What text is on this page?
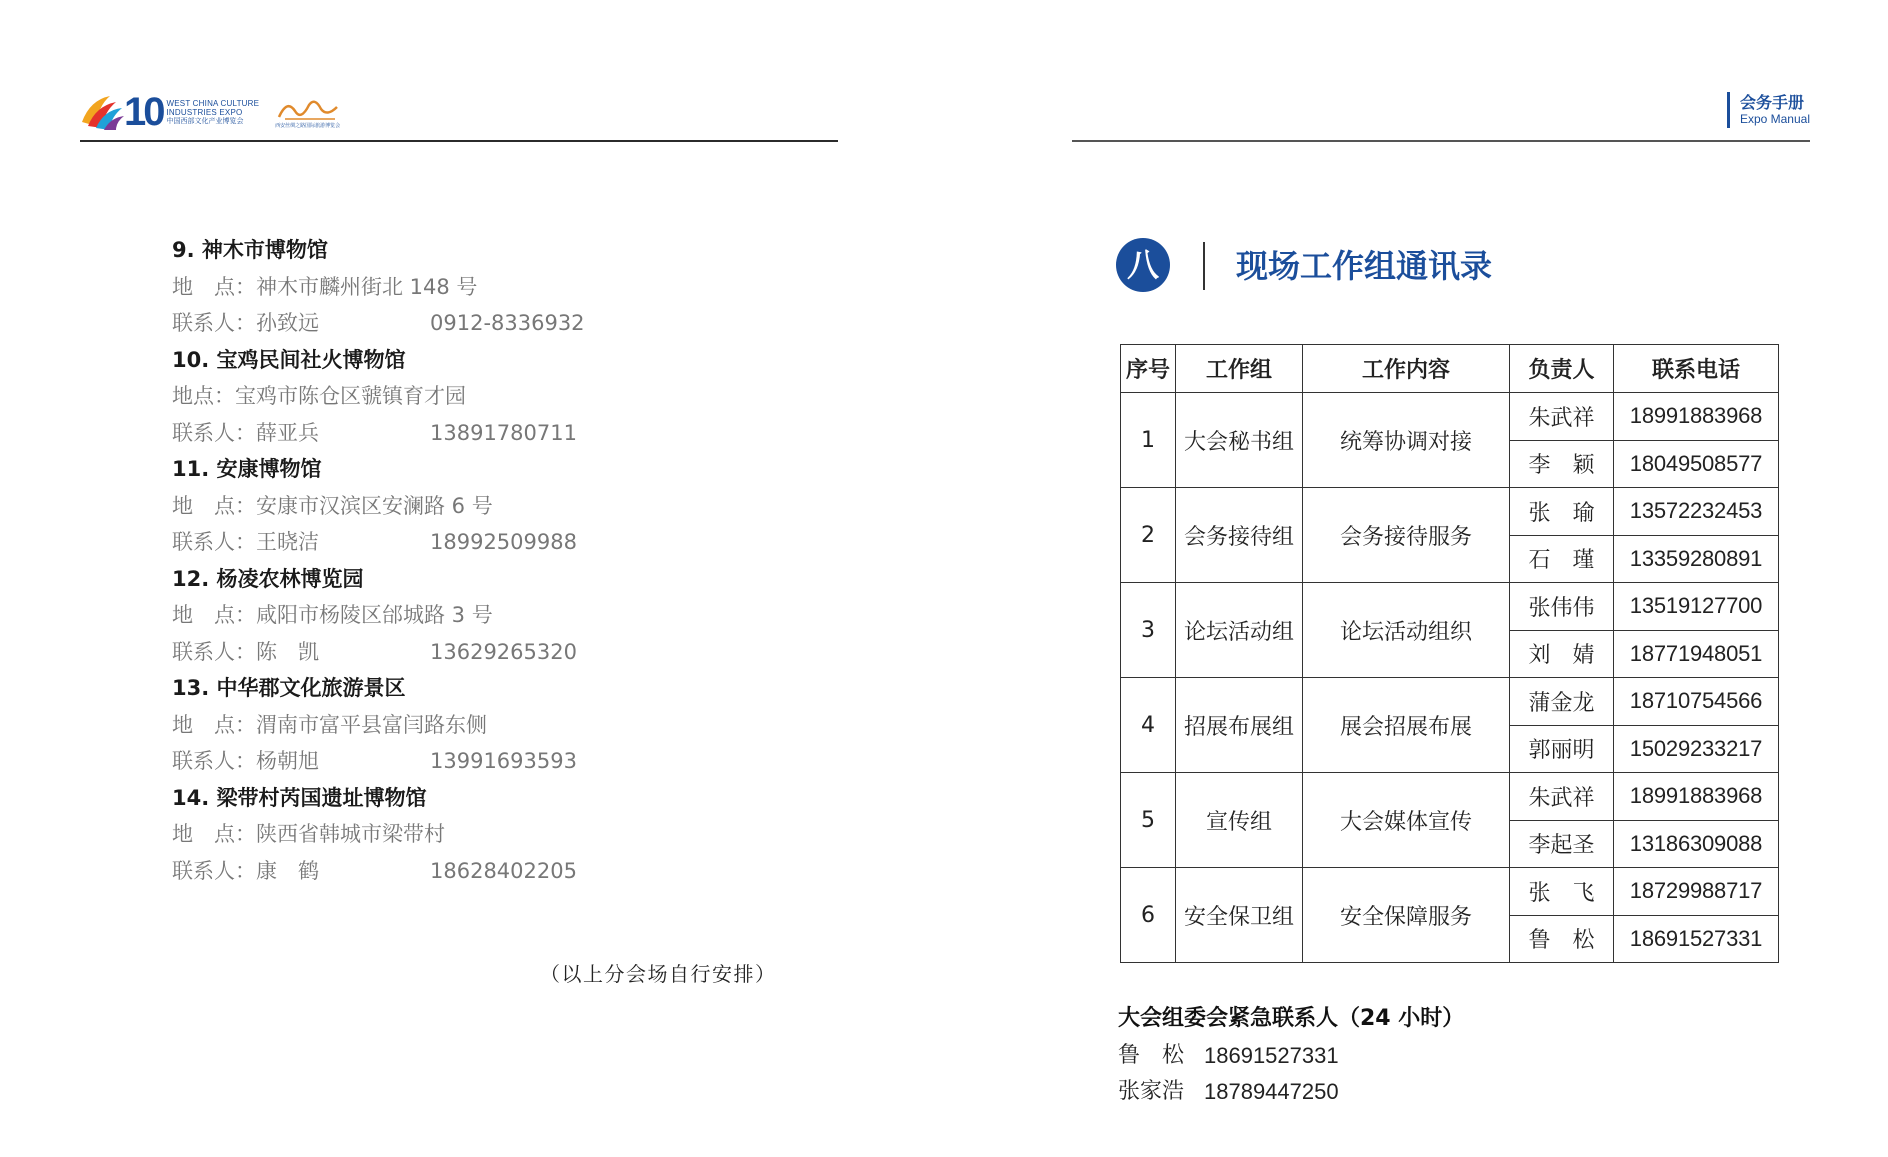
10 WEST CHINA CULTURE
INDUSTRIES EXPO
中国西部文化产业博览会
西安丝绸之路国际旅游博览会
会务手册
Expo Manual
9. 神木市博物馆
地　点：神木市麟州街北 148 号
联系人：孙致远	0912-8336932
10. 宝鸡民间社火博物馆
地点：宝鸡市陈仓区虢镇育才园
联系人：薛亚兵	13891780711
11. 安康博物馆
地　点：安康市汉滨区安澜路 6 号
联系人：王晓洁	18992509988
12. 杨凌农林博览园
地　点：咸阳市杨陵区邰城路 3 号
联系人：陈　凯	13629265320
13. 中华郡文化旅游景区
地　点：渭南市富平县富闫路东侧
联系人：杨朝旭	13991693593
14. 梁带村芮国遗址博物馆
地　点：陕西省韩城市梁带村
联系人：康　鹤	18628402205
（以上分会场自行安排）
八	现场工作组通讯录
序号	工作组	工作内容	负责人	联系电话
1	大会秘书组	统筹协调对接	朱武祥	18991883968
			李　颖	18049508577
2	会务接待组	会务接待服务	张　瑜	13572232453
			石　瑾	13359280891
3	论坛活动组	论坛活动组织	张伟伟	13519127700
			刘　婧	18771948051
4	招展布展组	展会招展布展	蒲金龙	18710754566
			郭丽明	15029233217
5	宣传组	大会媒体宣传	朱武祥	18991883968
			李起圣	13186309088
6	安全保卫组	安全保障服务	张　飞	18729988717
			鲁　松	18691527331
大会组委会紧急联系人（24 小时）
鲁　松 18691527331
张家浩 18789447250
